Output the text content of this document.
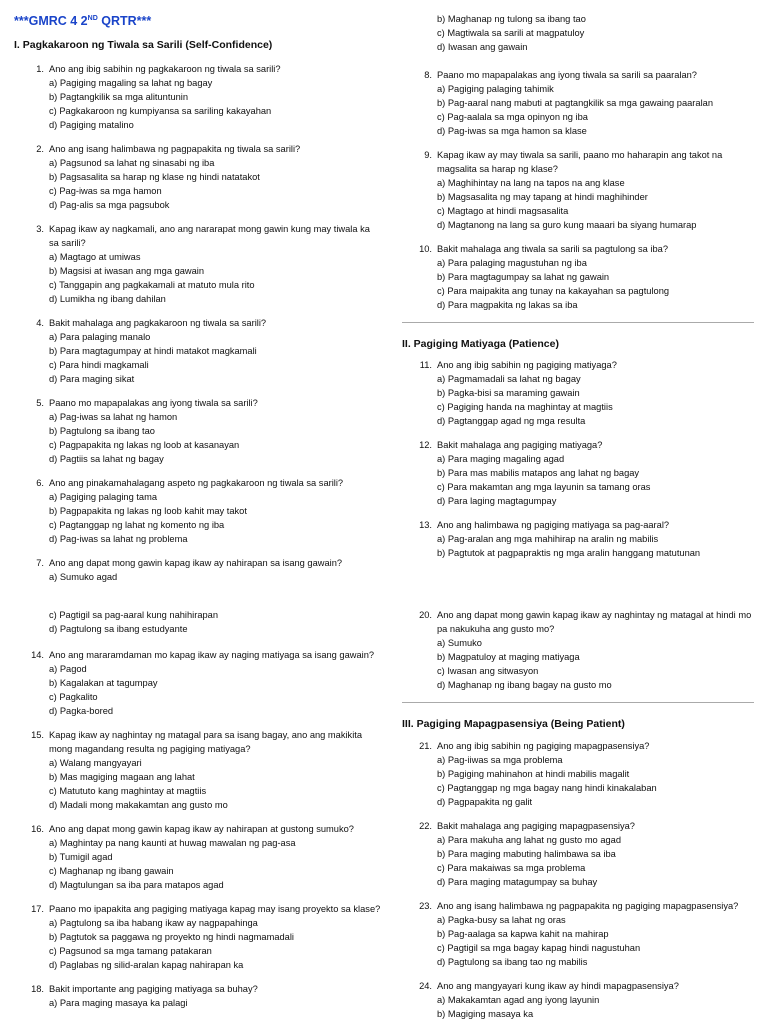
***GMRC 4 2ND QRTR***
I. Pagkakaroon ng Tiwala sa Sarili (Self-Confidence)
1. Ano ang ibig sabihin ng pagkakaroon ng tiwala sa sarili?
a) Pagiging magaling sa lahat ng bagay
b) Pagtangkilik sa mga alituntunin
c) Pagkakaroon ng kumpiyansa sa sariling kakayahan
d) Pagiging matalino
2. Ano ang isang halimbawa ng pagpapakita ng tiwala sa sarili?
a) Pagsunod sa lahat ng sinasabi ng iba
b) Pagsasalita sa harap ng klase ng hindi natatakot
c) Pag-iwas sa mga hamon
d) Pag-alis sa mga pagsubok
3. Kapag ikaw ay nagkamali, ano ang nararapat mong gawin kung may tiwala ka sa sarili?
a) Magtago at umiwas
b) Magsisi at iwasan ang mga gawain
c) Tanggapin ang pagkakamali at matuto mula rito
d) Lumikha ng ibang dahilan
4. Bakit mahalaga ang pagkakaroon ng tiwala sa sarili?
a) Para palaging manalo
b) Para magtagumpay at hindi matakot magkamali
c) Para hindi magkamali
d) Para maging sikat
5. Paano mo mapapalakas ang iyong tiwala sa sarili?
a) Pag-iwas sa lahat ng hamon
b) Pagtulong sa ibang tao
c) Pagpapakita ng lakas ng loob at kasanayan
d) Pagtiis sa lahat ng bagay
6. Ano ang pinakamahalagang aspeto ng pagkakaroon ng tiwala sa sarili?
a) Pagiging palaging tama
b) Pagpapakita ng lakas ng loob kahit may takot
c) Pagtanggap ng lahat ng komento ng iba
d) Pag-iwas sa lahat ng problema
7. Ano ang dapat mong gawin kapag ikaw ay nahirapan sa isang gawain?
a) Sumuko agad
b) Maghanap ng tulong sa ibang tao
c) Magtiwala sa sarili at magpatuloy
d) Iwasan ang gawain
8. Paano mo mapapalakas ang iyong tiwala sa sarili sa paaralan?
a) Pagiging palaging tahimik
b) Pag-aaral nang mabuti at pagtangkilik sa mga gawaing paaralan
c) Pag-aalala sa mga opinyon ng iba
d) Pag-iwas sa mga hamon sa klase
9. Kapag ikaw ay may tiwala sa sarili, paano mo haharapin ang takot na magsalita sa harap ng klase?
a) Maghihintay na lang na tapos na ang klase
b) Magsasalita ng may tapang at hindi maghihinder
c) Magtago at hindi magsasalita
d) Magtanong na lang sa guro kung maaari ba siyang humarap
10. Bakit mahalaga ang tiwala sa sarili sa pagtulong sa iba?
a) Para palaging magustuhan ng iba
b) Para magtagumpay sa lahat ng gawain
c) Para maipakita ang tunay na kakayahan sa pagtulong
d) Para magpakita ng lakas sa iba
II. Pagiging Matiyaga (Patience)
11. Ano ang ibig sabihin ng pagiging matiyaga?
a) Pagmamadali sa lahat ng bagay
b) Pagka-bisi sa maraming gawain
c) Pagiging handa na maghintay at magtiis
d) Pagtanggap agad ng mga resulta
12. Bakit mahalaga ang pagiging matiyaga?
a) Para maging magaling agad
b) Para mas mabilis matapos ang lahat ng bagay
c) Para makamtan ang mga layunin sa tamang oras
d) Para laging magtagumpay
13. Ano ang halimbawa ng pagiging matiyaga sa pag-aaral?
a) Pag-aralan ang mga mahihirap na aralin ng mabilis
b) Pagtutok at pagpapraktis ng mga aralin hanggang matutunan
c) Pagtigil sa pag-aaral kung nahihirapan
d) Pagtulong sa ibang estudyante
14. Ano ang mararamdaman mo kapag ikaw ay naging matiyaga sa isang gawain?
a) Pagod
b) Kagalakan at tagumpay
c) Pagkalito
d) Pagka-bored
15. Kapag ikaw ay naghintay ng matagal para sa isang bagay, ano ang makikita mong magandang resulta ng pagiging matiyaga?
a) Walang mangyayari
b) Mas magiging magaan ang lahat
c) Matututo kang maghintay at magtiis
d) Madali mong makakamtan ang gusto mo
16. Ano ang dapat mong gawin kapag ikaw ay nahirapan at gustong sumuko?
a) Maghintay pa nang kaunti at huwag mawalan ng pag-asa
b) Tumigil agad
c) Maghanap ng ibang gawain
d) Magtulungan sa iba para matapos agad
17. Paano mo ipapakita ang pagiging matiyaga kapag may isang proyekto sa klase?
a) Pagtulong sa iba habang ikaw ay nagpapahinga
b) Pagtutok sa paggawa ng proyekto ng hindi nagmamadali
c) Pagsunod sa mga tamang patakaran
d) Paglabas ng silid-aralan kapag nahirapan ka
18. Bakit importante ang pagiging matiyaga sa buhay?
a) Para maging masaya ka palagi
20. Ano ang dapat mong gawin kapag ikaw ay naghintay ng matagal at hindi mo pa nakukuha ang gusto mo?
a) Sumuko
b) Magpatuloy at maging matiyaga
c) Iwasan ang sitwasyon
d) Maghanap ng ibang bagay na gusto mo
III. Pagiging Mapagpasensiya (Being Patient)
21. Ano ang ibig sabihin ng pagiging mapagpasensiya?
a) Pag-iiwas sa mga problema
b) Pagiging mahinahon at hindi mabilis magalit
c) Pagtanggap ng mga bagay nang hindi kinakalaban
d) Pagpapakita ng galit
22. Bakit mahalaga ang pagiging mapagpasensiya?
a) Para makuha ang lahat ng gusto mo agad
b) Para maging mabuting halimbawa sa iba
c) Para makaiwas sa mga problema
d) Para maging matagumpay sa buhay
23. Ano ang isang halimbawa ng pagpapakita ng pagiging mapagpasensiya?
a) Pagka-busy sa lahat ng oras
b) Pag-aalaga sa kapwa kahit na mahirap
c) Pagtigil sa mga bagay kapag hindi nagustuhan
d) Pagtulong sa ibang tao ng mabilis
24. Ano ang mangyayari kung ikaw ay hindi mapagpasensiya?
a) Makakamtan agad ang iyong layunin
b) Magiging masaya ka
